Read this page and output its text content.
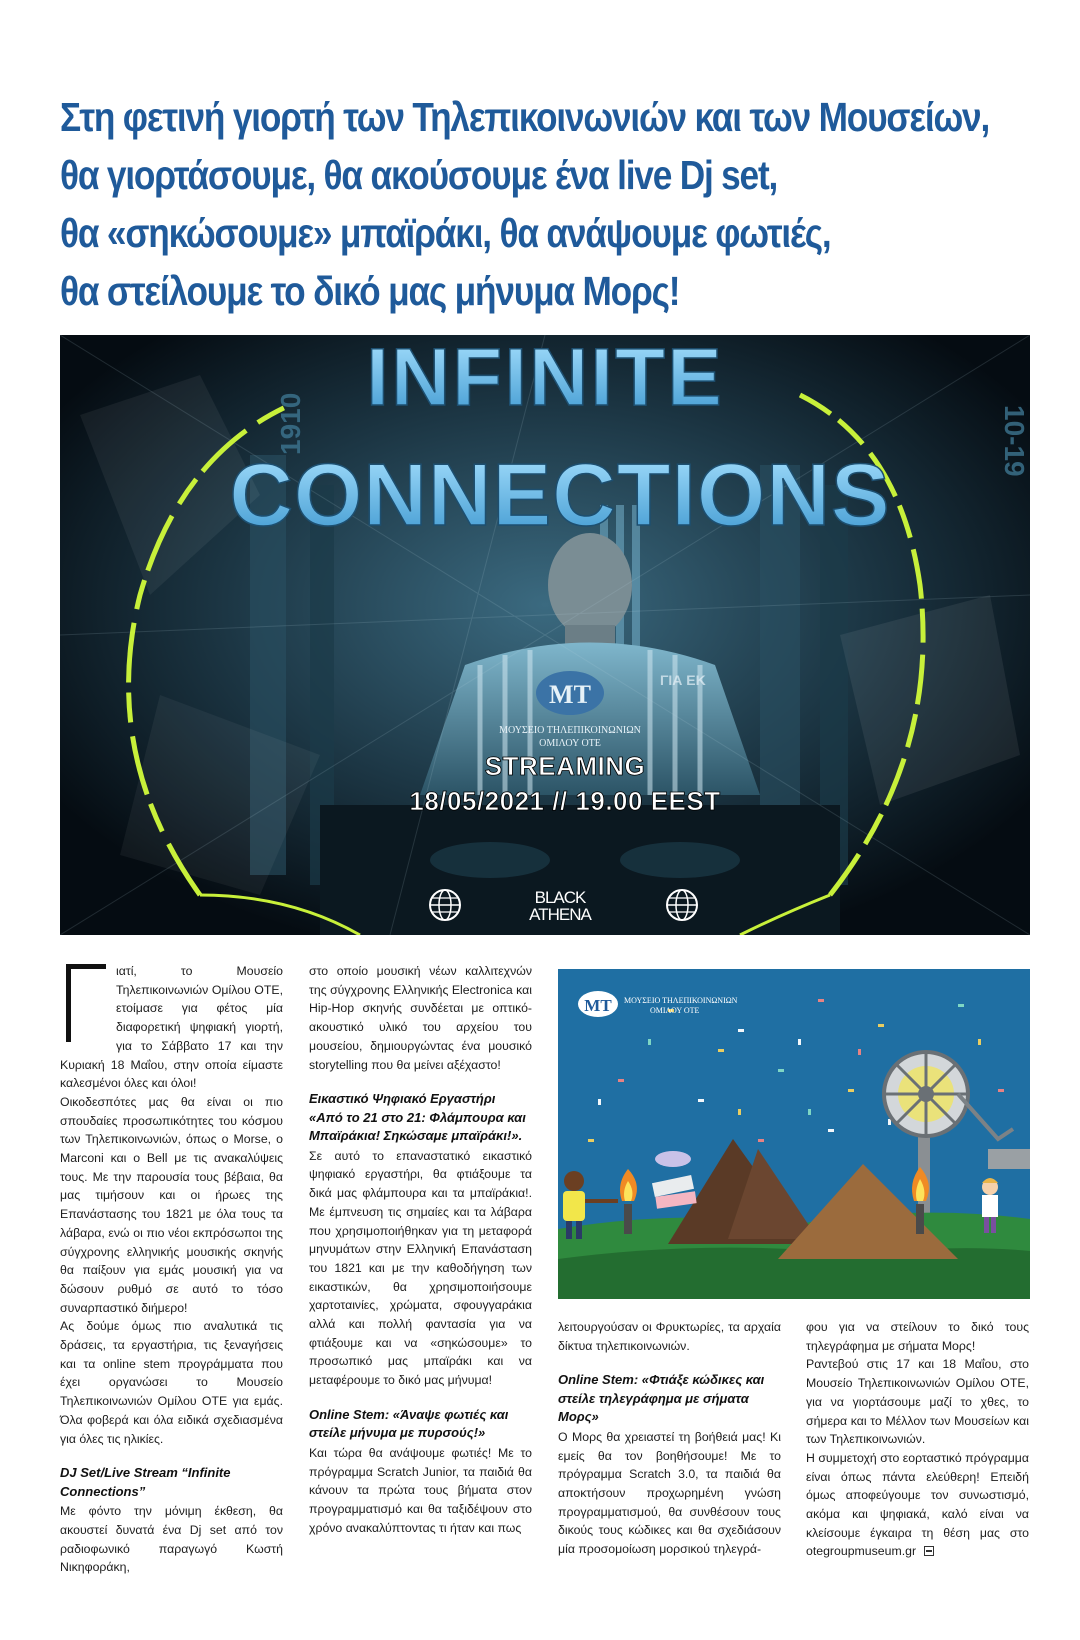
Στη φετινή γιορτή των Τηλεπικοινωνιών και των Μουσείων,
θα γιορτάσουμε, θα ακούσουμε ένα live Dj set,
θα «σηκώσουμε» μπαϊράκι, θα ανάψουμε φωτιές,
θα στείλουμε το δικό μας μήνυμα Μορς!
1910	10-19
INFINITE
CONNECTIONS
MΤ
ΜΟΥΣΕΙΟ ΤΗΛΕΠΙΚΟΙΝΩΝΙΩΝ
ΟΜΙΛΟΥ ΟΤΕ
ΓΙΑ ΕΚ
STREAMING
18/05/2021 // 19.00 EEST
BLACK
ATHENA

ιατί, το Μουσείο Τηλεπικοινωνιών Ομίλου ΟΤΕ, ετοίμασε για φέτος μία διαφορετική ψηφιακή γιορτή, για το Σάββατο 17 και την Κυριακή 18 Μαΐου, στην οποία είμαστε καλεσμένοι όλες και όλοι!

Οικοδεσπότες μας θα είναι οι πιο σπουδαίες προσωπικότητες του κόσμου των Τηλεπικοινωνιών, όπως ο Morse, ο Marconi και ο Bell με τις ανακαλύψεις τους. Με την παρουσία τους βέβαια, θα μας τιμήσουν και οι ήρωες της Επανάστασης του 1821 με όλα τους τα λάβαρα, ενώ οι πιο νέοι εκπρόσωποι της σύγχρονης ελληνικής μουσικής σκηνής θα παίξουν για εμάς μουσική για να δώσουν ρυθμό σε αυτό το τόσο συναρπαστικό διήμερο!

Ας δούμε όμως πιο αναλυτικά τις δράσεις, τα εργαστήρια, τις ξεναγήσεις και τα online stem προγράμματα που έχει οργανώσει το Μουσείο Τηλεπικοινωνιών Ομίλου ΟΤΕ για εμάς. Όλα φοβερά και όλα ειδικά σχεδιασμένα για όλες τις ηλικίες.

DJ Set/Live Stream “Infinite Connections”

Με φόντο την μόνιμη έκθεση, θα ακουστεί δυνατά ένα Dj set από τον ραδιοφωνικό παραγωγό Κωστή Νικηφοράκη,

στο οποίο μουσική νέων καλλιτεχνών της σύγχρονης Ελληνικής Electronica και Hip-Hop σκηνής συνδέεται με οπτικό-ακουστικό υλικό του αρχείου του μουσείου, δημιουργώντας ένα μουσικό storytelling που θα μείνει αξέχαστο!

Εικαστικό Ψηφιακό Εργαστήρι «Από το 21 στο 21: Φλάμπουρα και Μπαϊράκια! Σηκώσαμε μπαϊράκι!».

Σε αυτό το επαναστατικό εικαστικό ψηφιακό εργαστήρι, θα φτιάξουμε τα δικά μας φλάμπουρα και τα μπαϊράκια!. Με έμπνευση τις σημαίες και τα λάβαρα που χρησιμοποιήθηκαν για τη μεταφορά μηνυμάτων στην Ελληνική Επανάσταση του 1821 και με την καθοδήγηση των εικαστικών, θα χρησιμοποιήσουμε χαρτοταινίες, χρώματα, σφουγγαράκια αλλά και πολλή φαντασία για να φτιάξουμε και να «σηκώσουμε» το προσωπικό μας μπαϊράκι και να μεταφέρουμε το δικό μας μήνυμα!

Online Stem: «Άναψε φωτιές και στείλε μήνυμα με πυρσούς!»

Και τώρα θα ανάψουμε φωτιές! Με το πρόγραμμα Scratch Junior, τα παιδιά θα κάνουν τα πρώτα τους βήματα στον προγραμματισμό και θα ταξιδέψουν στο χρόνο ανακαλύπτοντας τι ήταν και πως

MΤ ΜΟΥΣΕΙΟ ΤΗΛΕΠΙΚΟΙΝΩΝΙΩΝ
ΟΜΙΛΟΥ ΟΤΕ

λειτουργούσαν οι Φρυκτωρίες, τα αρχαία δίκτυα τηλεπικοινωνιών.

Online Stem: «Φτιάξε κώδικες και στείλε τηλεγράφημα με σήματα Μορς»

Ο Μορς θα χρειαστεί τη βοήθειά μας! Κι εμείς θα τον βοηθήσουμε! Με το πρόγραμμα Scratch 3.0, τα παιδιά θα αποκτήσουν προχωρημένη γνώση προγραμματισμού, θα συνθέσουν τους δικούς τους κώδικες και θα σχεδιάσουν μία προσομοίωση μορσικού τηλεγρά-

φου για να στείλουν το δικό τους τηλεγράφημα με σήματα Μορς!

Ραντεβού στις 17 και 18 Μαΐου, στο Μουσείο Τηλεπικοινωνιών Ομίλου ΟΤΕ, για να γιορτάσουμε μαζί το χθες, το σήμερα και το Μέλλον των Μουσείων και των Τηλεπικοινωνιών.

Η συμμετοχή στο εορταστικό πρόγραμμα είναι όπως πάντα ελεύθερη! Επειδή όμως αποφεύγουμε τον συνωστισμό, ακόμα και ψηφιακά, καλό είναι να κλείσουμε έγκαιρα τη θέση μας στο otegroupmuseum.gr
